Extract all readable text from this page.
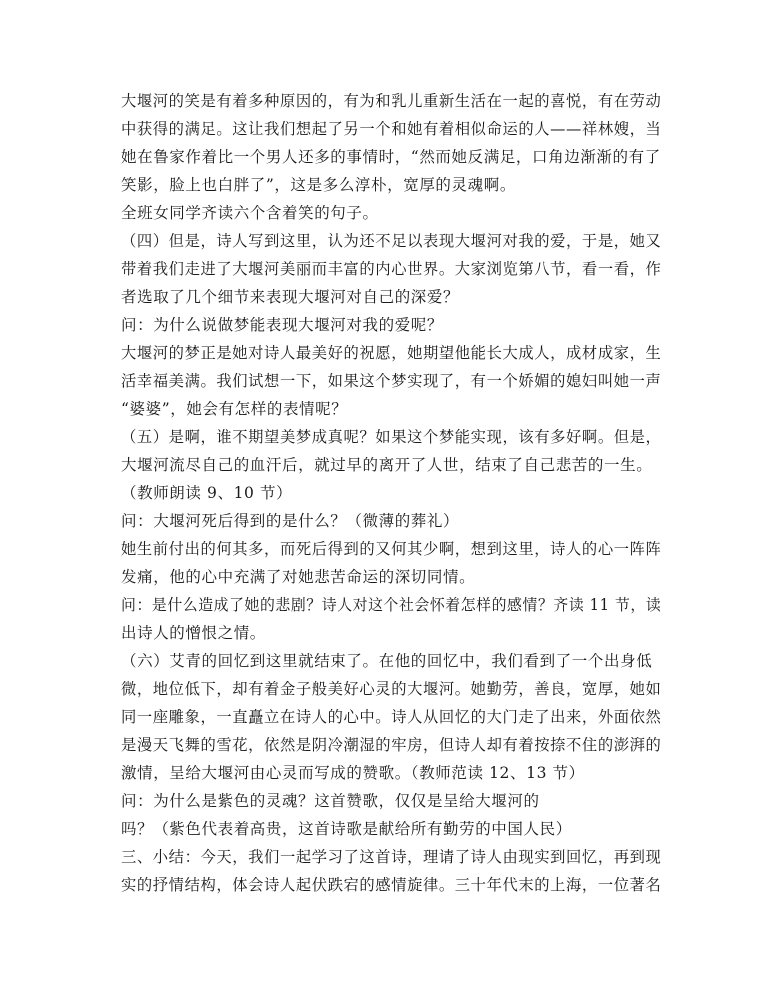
大堰河的笑是有着多种原因的，有为和乳儿重新生活在一起的喜悦，有在劳动
中获得的满足。这让我们想起了另一个和她有着相似命运的人——祥林嫂，当
她在鲁家作着比一个男人还多的事情时，“然而她反满足，口角边渐渐的有了
笑影，脸上也白胖了”，这是多么淳朴，宽厚的灵魂啊。
全班女同学齐读六个含着笑的句子。
（四）但是，诗人写到这里，认为还不足以表现大堰河对我的爱，于是，她又
带着我们走进了大堰河美丽而丰富的内心世界。大家浏览第八节，看一看，作
者选取了几个细节来表现大堰河对自己的深爱？
问：为什么说做梦能表现大堰河对我的爱呢？
大堰河的梦正是她对诗人最美好的祝愿，她期望他能长大成人，成材成家，生
活幸福美满。我们试想一下，如果这个梦实现了，有一个娇媚的媳妇叫她一声
“婆婆”，她会有怎样的表情呢？
（五）是啊，谁不期望美梦成真呢？如果这个梦能实现，该有多好啊。但是，
大堰河流尽自己的血汗后，就过早的离开了人世，结束了自己悲苦的一生。
（教师朗读 9、10 节）
问：大堰河死后得到的是什么？（微薄的葬礼）
她生前付出的何其多，而死后得到的又何其少啊，想到这里，诗人的心一阵阵
发痛，他的心中充满了对她悲苦命运的深切同情。
问：是什么造成了她的悲剧？诗人对这个社会怀着怎样的感情？齐读 11 节，读
出诗人的憎恨之情。
（六）艾青的回忆到这里就结束了。在他的回忆中，我们看到了一个出身低
微，地位低下，却有着金子般美好心灵的大堰河。她勤劳，善良，宽厚，她如
同一座雕象，一直矗立在诗人的心中。诗人从回忆的大门走了出来，外面依然
是漫天飞舞的雪花，依然是阴冷潮湿的牢房，但诗人却有着按捺不住的澎湃的
激情，呈给大堰河由心灵而写成的赞歌。（教师范读 12、13 节）
问：为什么是紫色的灵魂？这首赞歌，仅仅是呈给大堰河的
吗？（紫色代表着高贵，这首诗歌是献给所有勤劳的中国人民）
三、小结：今天，我们一起学习了这首诗，理请了诗人由现实到回忆，再到现
实的抒情结构，体会诗人起伏跌宕的感情旋律。三十年代末的上海，一位著名
